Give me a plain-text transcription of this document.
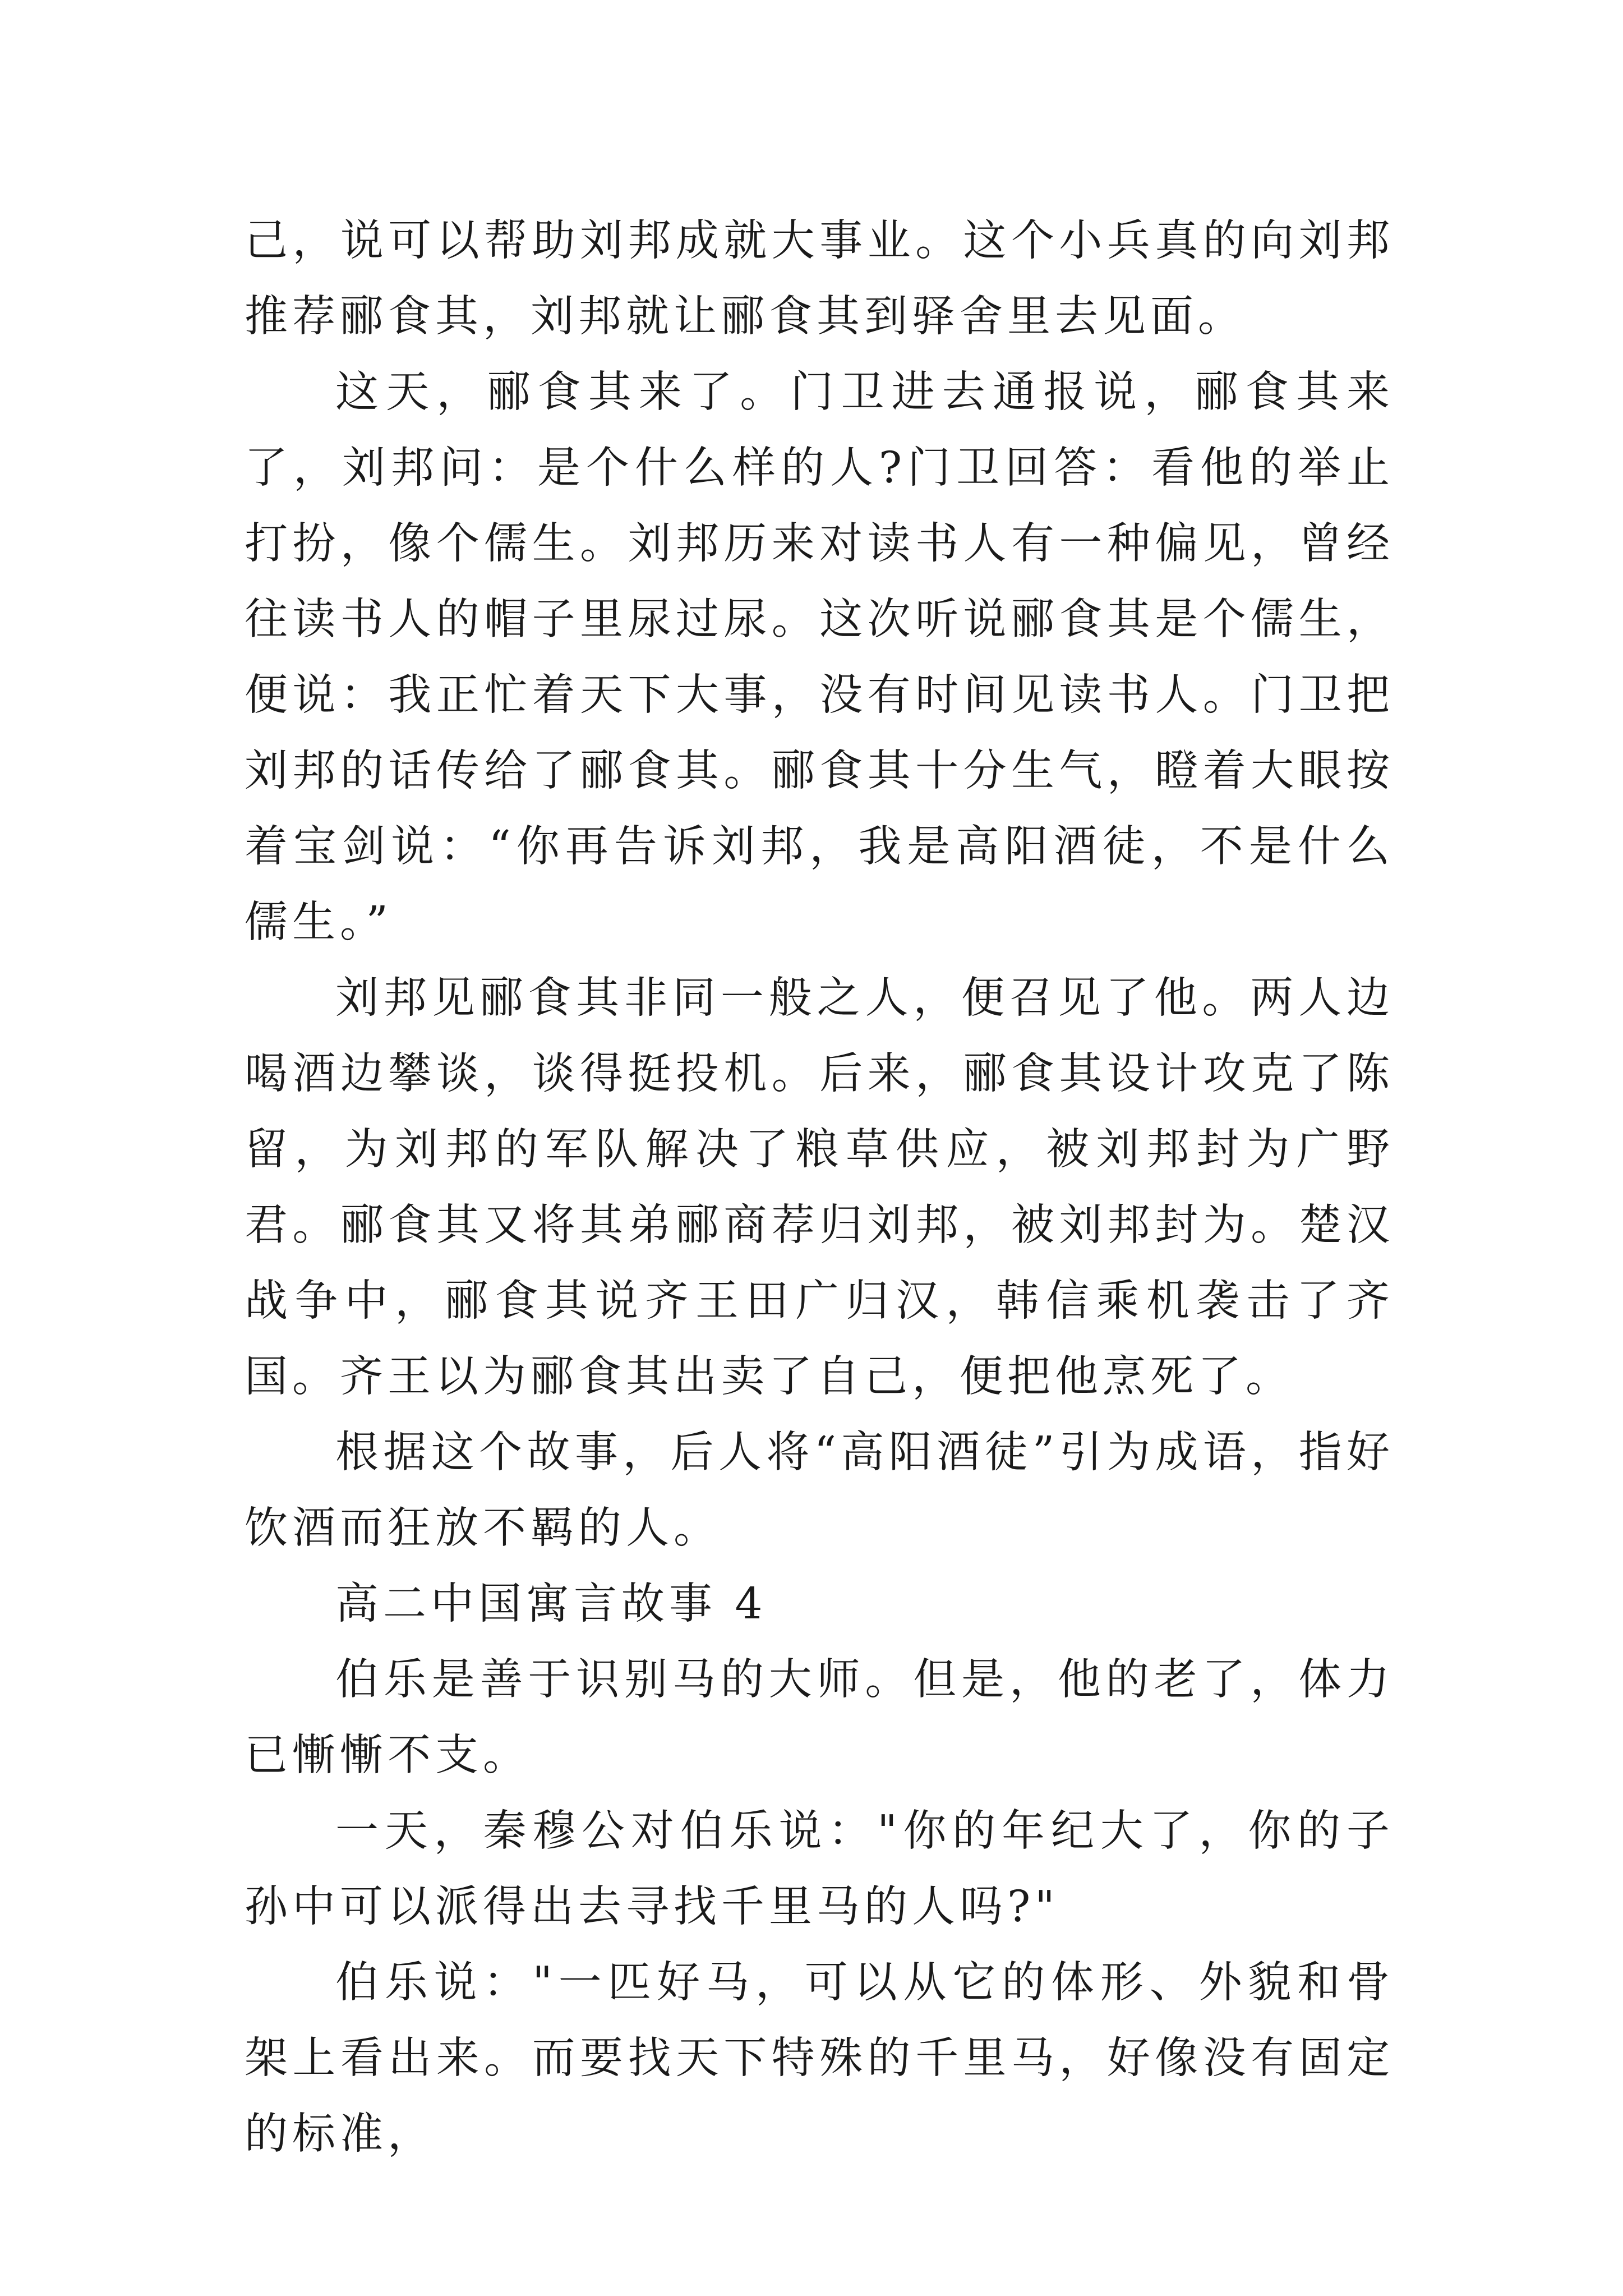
己，说可以帮助刘邦成就大事业。这个小兵真的向刘邦推荐郦食其，刘邦就让郦食其到驿舍里去见面。

这天，郦食其来了。门卫进去通报说，郦食其来了，刘邦问：是个什么样的人?门卫回答：看他的举止打扮，像个儒生。刘邦历来对读书人有一种偏见，曾经往读书人的帽子里尿过尿。这次听说郦食其是个儒生，便说：我正忙着天下大事，没有时间见读书人。门卫把刘邦的话传给了郦食其。郦食其十分生气，瞪着大眼按着宝剑说：“你再告诉刘邦，我是高阳酒徒，不是什么儒生。”

刘邦见郦食其非同一般之人，便召见了他。两人边喝酒边攀谈，谈得挺投机。后来，郦食其设计攻克了陈留，为刘邦的军队解决了粮草供应，被刘邦封为广野君。郦食其又将其弟郦商荐归刘邦，被刘邦封为。楚汉战争中，郦食其说齐王田广归汉，韩信乘机袭击了齐国。齐王以为郦食其出卖了自己，便把他烹死了。

根据这个故事，后人将“高阳酒徒”引为成语，指好饮酒而狂放不羁的人。

高二中国寓言故事 4

伯乐是善于识别马的大师。但是，他的老了，体力已慚慚不支。

一天，秦穆公对伯乐说："你的年纪大了，你的子孙中可以派得出去寻找千里马的人吗?"

伯乐说："一匹好马，可以从它的体形、外貌和骨架上看出来。而要找天下特殊的千里马，好像没有固定的标准，
